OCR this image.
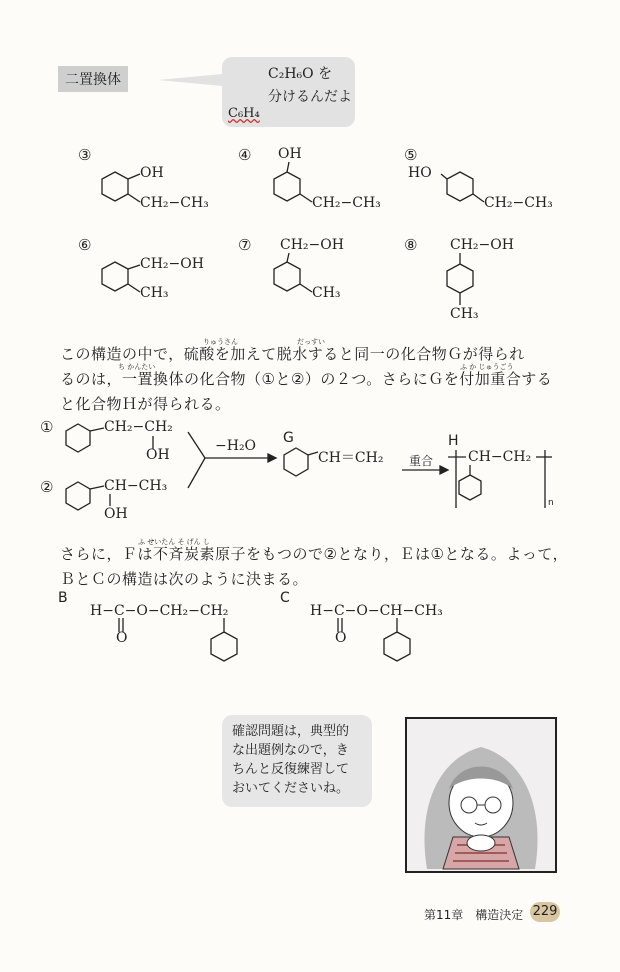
二置換体	C₂H₆O を
分けるんだよ
C₆H₄
③	④	⑤
OH
CH₂−CH₃
OH
CH₂−CH₃
HO
CH₂−CH₃
⑥	⑦	⑧
CH₂−OH
CH₃
CH₂−OH
CH₃
CH₂−OH
CH₃
りゅうさん	だっすい
ち かんたい	ふ か じゅうごう
この構造の中で，硫酸を加えて脱水すると同一の化合物Ｇが得られ
るのは，一置換体の化合物（①と②）の２つ。さらにＧを付加重合する
と化合物Ｈが得られる。
①	CH₂−CH₂
OH
②	CH−CH₃
OH
−H₂O G
CH＝CH₂ 重合
H
CH−CH₂
n
ふ せいたん そ げん し
さらに，Ｆは不斉炭素原子をもつので②となり，Ｅは①となる。よって，
ＢとＣの構造は次のように決まる。
B
H−C−O−CH₂−CH₂
O
C
H−C−O−CH−CH₃
O
確認問題は，典型的
な出題例なので，き
ちんと反復練習して
おいてくださいね。
第11章　構造決定 229
